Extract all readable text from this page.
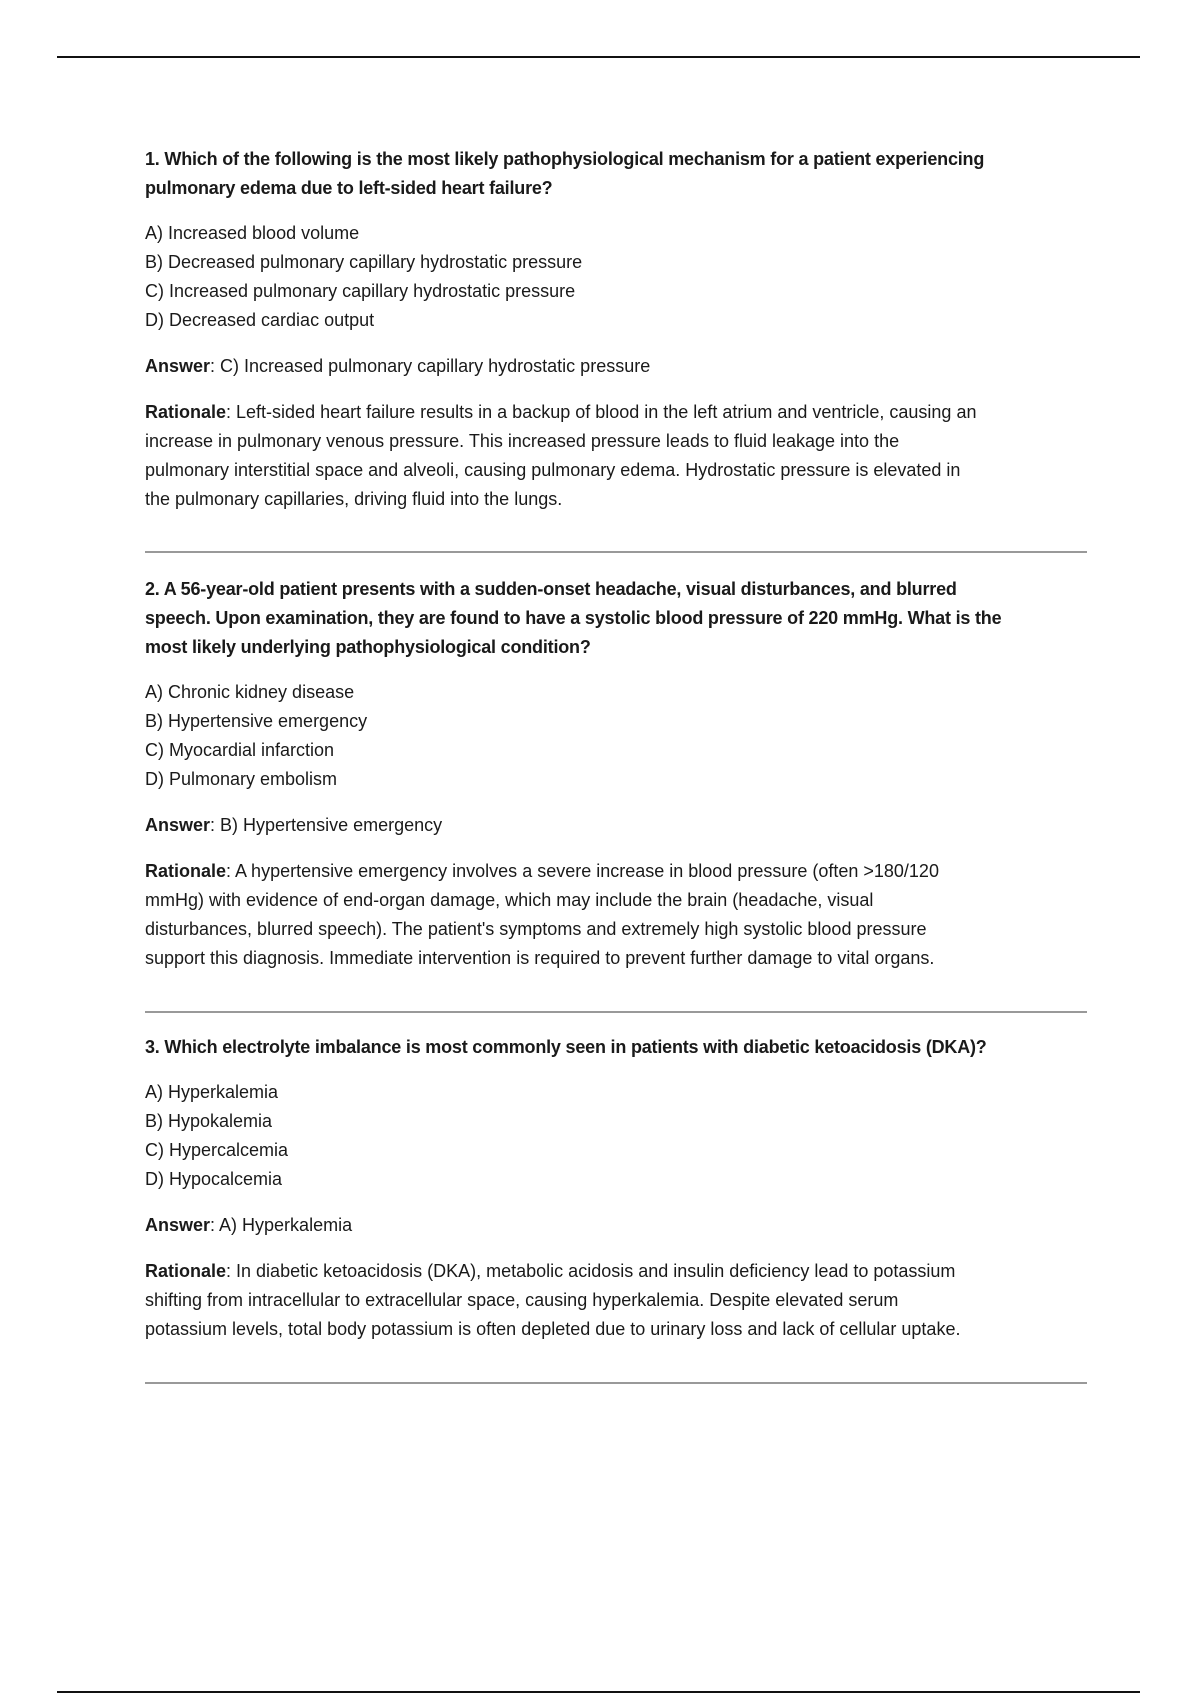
1. Which of the following is the most likely pathophysiological mechanism for a patient experiencing
pulmonary edema due to left-sided heart failure?
A) Increased blood volume
B) Decreased pulmonary capillary hydrostatic pressure
C) Increased pulmonary capillary hydrostatic pressure
D) Decreased cardiac output
Answer: C) Increased pulmonary capillary hydrostatic pressure
Rationale: Left-sided heart failure results in a backup of blood in the left atrium and ventricle, causing an
increase in pulmonary venous pressure. This increased pressure leads to fluid leakage into the
pulmonary interstitial space and alveoli, causing pulmonary edema. Hydrostatic pressure is elevated in
the pulmonary capillaries, driving fluid into the lungs.
2. A 56-year-old patient presents with a sudden-onset headache, visual disturbances, and blurred
speech. Upon examination, they are found to have a systolic blood pressure of 220 mmHg. What is the
most likely underlying pathophysiological condition?
A) Chronic kidney disease
B) Hypertensive emergency
C) Myocardial infarction
D) Pulmonary embolism
Answer: B) Hypertensive emergency
Rationale: A hypertensive emergency involves a severe increase in blood pressure (often >180/120
mmHg) with evidence of end-organ damage, which may include the brain (headache, visual
disturbances, blurred speech). The patient's symptoms and extremely high systolic blood pressure
support this diagnosis. Immediate intervention is required to prevent further damage to vital organs.
3. Which electrolyte imbalance is most commonly seen in patients with diabetic ketoacidosis (DKA)?
A) Hyperkalemia
B) Hypokalemia
C) Hypercalcemia
D) Hypocalcemia
Answer: A) Hyperkalemia
Rationale: In diabetic ketoacidosis (DKA), metabolic acidosis and insulin deficiency lead to potassium
shifting from intracellular to extracellular space, causing hyperkalemia. Despite elevated serum
potassium levels, total body potassium is often depleted due to urinary loss and lack of cellular uptake.
